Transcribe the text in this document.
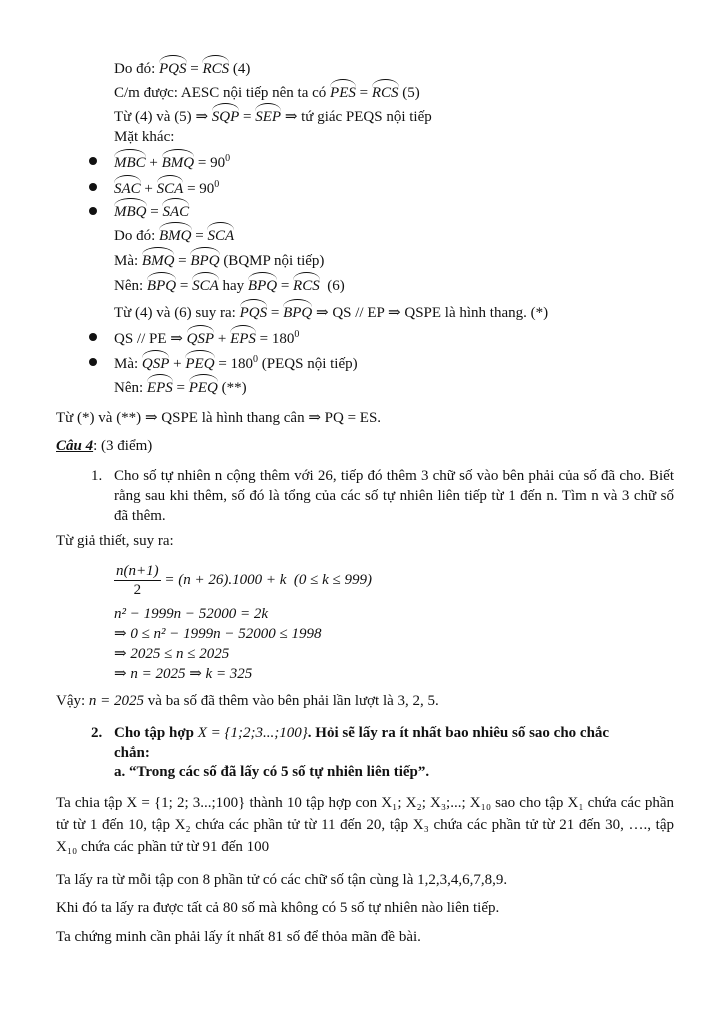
Do đó: PQS = RCS (4)
C/m được: AESC nội tiếp nên ta có PES = RCS (5)
Từ (4) và (5) ⇒ SQP = SEP ⇒ tứ giác PEQS nội tiếp
Mặt khác:
MBC + BMQ = $90^0$
SAC + SCA = $90^0$
MBQ = SAC
Do đó: BMQ = SCA
Mà: BMQ = BPQ (BQMP nội tiếp)
Nên: BPQ = SCA hay BPQ = RCS (6)
Từ (4) và (6) suy ra: PQS = BPQ ⇒ QS // EP ⇒ QSPE là hình thang. (*)
QS // PE ⇒ QSP + EPS = $180^0$
Mà: QSP + PEQ = $180^0$ (PEQS nội tiếp)
Nên: EPS = PEQ (**)
Từ (*) và (**) ⇒ QSPE là hình thang cân ⇒ PQ = ES.
Câu 4: (3 điểm)
1. Cho số tự nhiên n cộng thêm với 26, tiếp đó thêm 3 chữ số vào bên phải của số đã cho. Biết rằng sau khi thêm, số đó là tổng của các số tự nhiên liên tiếp từ 1 đến n. Tìm n và 3 chữ số đã thêm.
Từ giả thiết, suy ra:
$\frac{n(n+1)}{2} = (n + 26).1000 + k$ (0 ≤ k ≤ 999)
n² − 1999n − 52000 = 2k
⇒ 0 ≤ n² − 1999n − 52000 ≤ 1998
⇒ 2025 ≤ n ≤ 2025
⇒ n = 2025 ⇒ k = 325
Vậy: n = 2025 và ba số đã thêm vào bên phải lần lượt là 3, 2, 5.
2. Cho tập hợp X = {1;2;3...;100}. Hỏi sẽ lấy ra ít nhất bao nhiêu số sao cho chắc
chắn:
a. “Trong các số đã lấy có 5 số tự nhiên liên tiếp”.
Ta chia tập X = {1; 2; 3...;100} thành 10 tập hợp con X₁; X₂; X₃;...; X₁₀ sao cho tập X₁ chứa các phần tử từ 1 đến 10, tập X₂ chứa các phần tử từ 11 đến 20, tập X₃ chứa các phần tử từ 21 đến 30, …., tập X₁₀ chứa các phần tử từ 91 đến 100
Ta lấy ra từ mỗi tập con 8 phần tử có các chữ số tận cùng là 1,2,3,4,6,7,8,9.
Khi đó ta lấy ra được tất cả 80 số mà không có 5 số tự nhiên nào liên tiếp.
Ta chứng minh cần phải lấy ít nhất 81 số để thỏa mãn đề bài.
